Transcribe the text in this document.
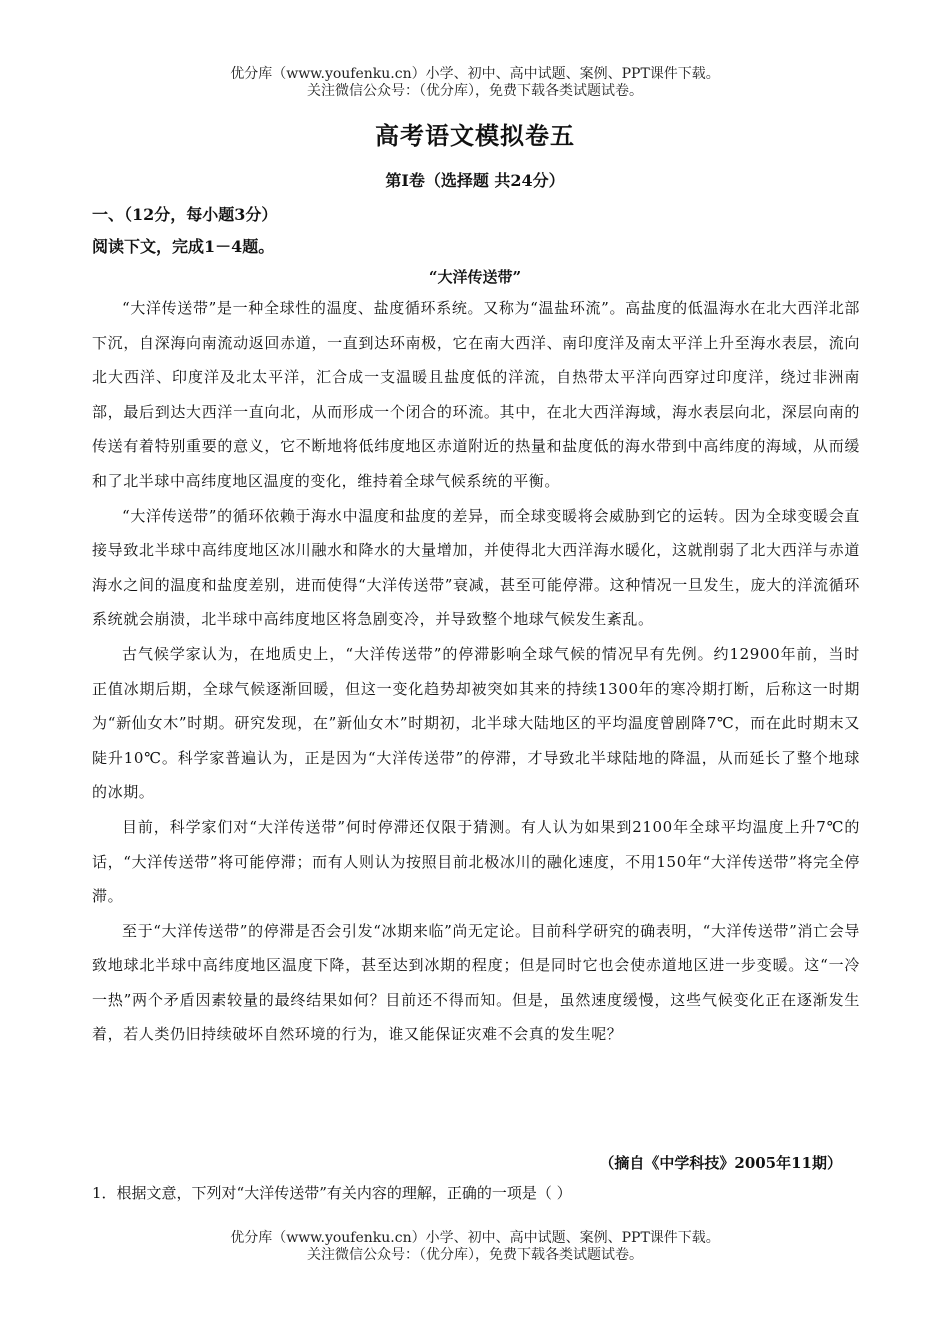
优分库（www.youfenku.cn）小学、初中、高中试题、案例、PPT课件下载。
关注微信公众号：（优分库），免费下载各类试题试卷。
高考语文模拟卷五
第Ⅰ卷（选择题 共24分）
一、（12分，每小题3分）
阅读下文，完成1－4题。
“大洋传送带”

“大洋传送带”是一种全球性的温度、盐度循环系统。又称为“温盐环流”。高盐度的低温海水在北大西洋北部下沉，自深海向南流动返回赤道，一直到达环南极，它在南大西洋、南印度洋及南太平洋上升至海水表层，流向北大西洋、印度洋及北太平洋，汇合成一支温暖且盐度低的洋流，自热带太平洋向西穿过印度洋，绕过非洲南部，最后到达大西洋一直向北，从而形成一个闭合的环流。其中，在北大西洋海域，海水表层向北，深层向南的传送有着特别重要的意义，它不断地将低纬度地区赤道附近的热量和盐度低的海水带到中高纬度的海域，从而缓和了北半球中高纬度地区温度的变化，维持着全球气候系统的平衡。

“大洋传送带”的循环依赖于海水中温度和盐度的差异，而全球变暖将会威胁到它的运转。因为全球变暖会直接导致北半球中高纬度地区冰川融水和降水的大量增加，并使得北大西洋海水暖化，这就削弱了北大西洋与赤道海水之间的温度和盐度差别，进而使得“大洋传送带”衰减，甚至可能停滞。这种情况一旦发生，庞大的洋流循环系统就会崩溃，北半球中高纬度地区将急剧变冷，并导致整个地球气候发生紊乱。

古气候学家认为，在地质史上，“大洋传送带”的停滞影响全球气候的情况早有先例。约12900年前，当时正值冰期后期，全球气候逐渐回暖，但这一变化趋势却被突如其来的持续1300年的寒冷期打断，后称这一时期为“新仙女木”时期。研究发现，在”新仙女木”时期初，北半球大陆地区的平均温度曾剧降7℃，而在此时期末又陡升10℃。科学家普遍认为，正是因为“大洋传送带”的停滞，才导致北半球陆地的降温，从而延长了整个地球的冰期。

目前，科学家们对“大洋传送带”何时停滞还仅限于猜测。有人认为如果到2100年全球平均温度上升7℃的话，“大洋传送带”将可能停滞；而有人则认为按照目前北极冰川的融化速度，不用150年“大洋传送带”将完全停滞。

至于“大洋传送带”的停滞是否会引发“冰期来临”尚无定论。目前科学研究的确表明，“大洋传送带”消亡会导致地球北半球中高纬度地区温度下降，甚至达到冰期的程度；但是同时它也会使赤道地区进一步变暖。这“一冷一热”两个矛盾因素较量的最终结果如何？目前还不得而知。但是，虽然速度缓慢，这些气候变化正在逐渐发生着，若人类仍旧持续破坏自然环境的行为，谁又能保证灾难不会真的发生呢？

（摘自《中学科技》2005年11期）
1．根据文意，下列对“大洋传送带”有关内容的理解，正确的一项是（ ）
优分库（www.youfenku.cn）小学、初中、高中试题、案例、PPT课件下载。
关注微信公众号：（优分库），免费下载各类试题试卷。
